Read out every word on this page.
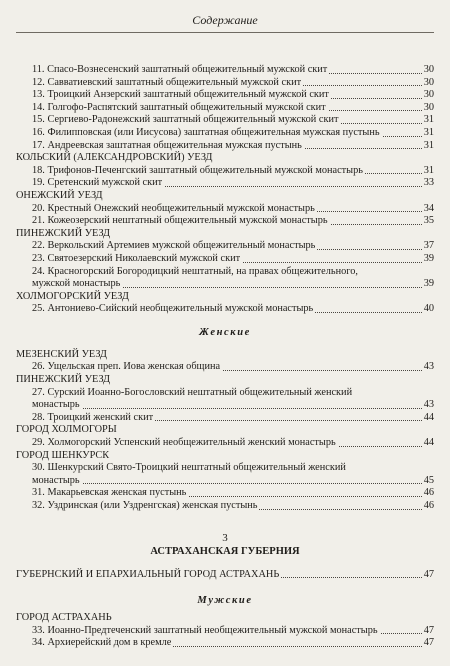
Содержание
11. Спасо-Вознесенский заштатный общежительный мужской скит	30
12. Савватиевский заштатный общежительный мужской скит	30
13. Троицкий Анзерский заштатный общежительный мужской скит	30
14. Голгофо-Распятский заштатный общежительный мужской скит	30
15. Сергиево-Радонежский заштатный общежительный мужской скит	31
16. Филипповская (или Иисусова) заштатная общежительная мужская пустынь	31
17. Андреевская заштатная общежительная мужская пустынь	31
КОЛЬСКИЙ (АЛЕКСАНДРОВСКИЙ) УЕЗД
18. Трифонов-Печенгский заштатный общежительный мужской монастырь	31
19. Сретенский мужской скит	33
ОНЕЖСКИЙ УЕЗД
20. Крестный Онежский необщежительный мужской монастырь	34
21. Кожеозерский нештатный общежительный мужской монастырь	35
ПИНЕЖСКИЙ УЕЗД
22. Веркольский Артемиев мужской общежительный монастырь	37
23. Святоезерский Николаевский мужской скит	39
24. Красногорский Богородицкий нештатный, на правах общежительного,
мужской монастырь	39
ХОЛМОГОРСКИЙ УЕЗД
25. Антониево-Сийский необщежительный мужской монастырь	40
Женские
МЕЗЕНСКИЙ УЕЗД
26. Ущельская преп. Иова женская община	43
ПИНЕЖСКИЙ УЕЗД
27. Сурский Иоанно-Богословский нештатный общежительный женский
монастырь	43
28. Троицкий женский скит	44
ГОРОД ХОЛМОГОРЫ
29. Холмогорский Успенский необщежительный женский монастырь	44
ГОРОД ШЕНКУРСК
30. Шенкурский Свято-Троицкий нештатный общежительный женский
монастырь	45
31. Макарьевская женская пустынь	46
32. Уздринская (или Уздренгская) женская пустынь	46
3
АСТРАХАНСКАЯ ГУБЕРНИЯ
ГУБЕРНСКИЙ И ЕПАРХИАЛЬНЫЙ ГОРОД АСТРАХАНЬ	47
Мужские
ГОРОД АСТРАХАНЬ
33. Иоанно-Предтеченский заштатный необщежительный мужской монастырь	47
34. Архиерейский дом в кремле	47
